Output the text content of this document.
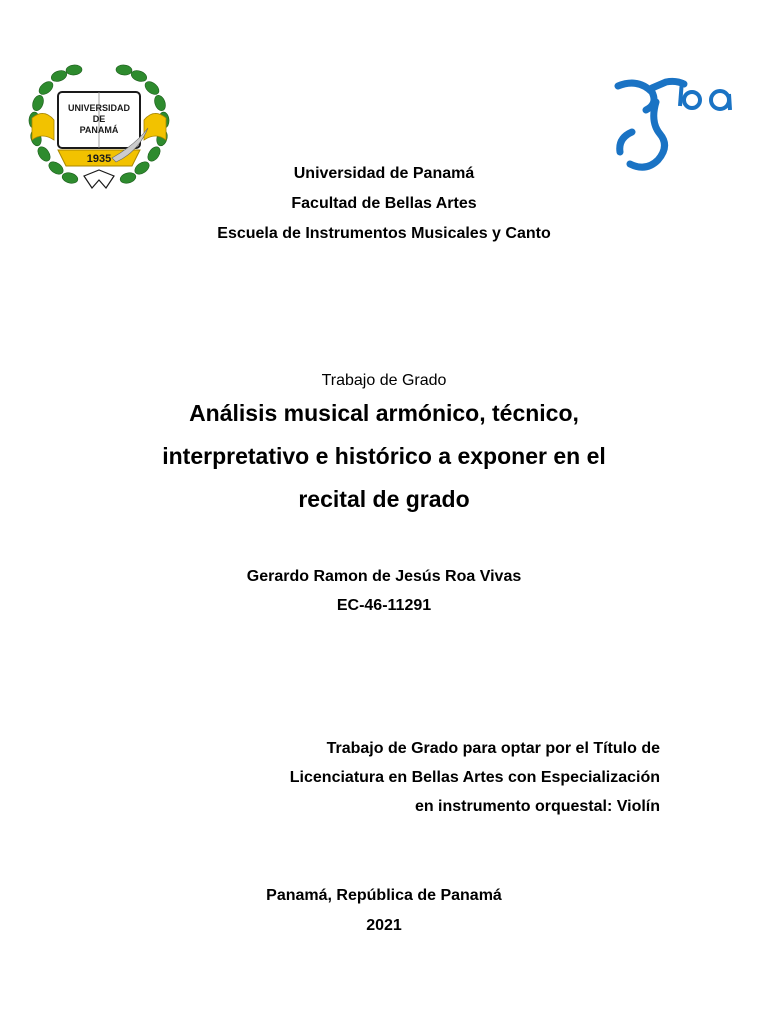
UNIVERSIDAD
DE
PANAMÁ
1935
Universidad de Panamá
Facultad de Bellas Artes
Escuela de Instrumentos Musicales y Canto
Trabajo de Grado
Análisis musical armónico, técnico,
interpretativo e histórico a exponer en el
recital de grado
Gerardo Ramon de Jesús Roa Vivas
EC-46-11291
Trabajo de Grado para optar por el Título de
Licenciatura en Bellas Artes con Especialización
en instrumento orquestal: Violín
Panamá, República de Panamá
2021
